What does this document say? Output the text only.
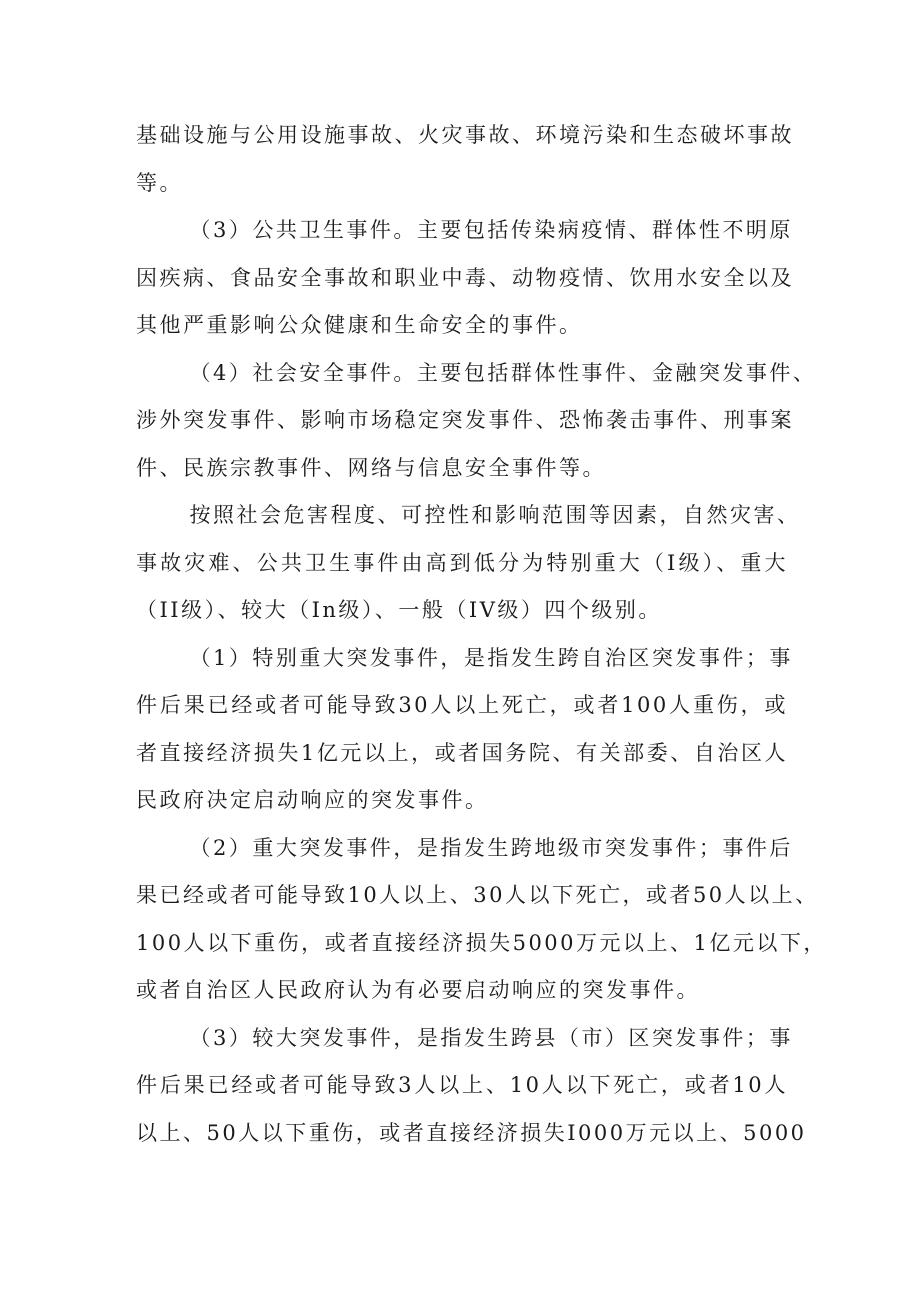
基础设施与公用设施事故、火灾事故、环境污染和生态破坏事故
等。
（3）公共卫生事件。主要包括传染病疫情、群体性不明原
因疾病、食品安全事故和职业中毒、动物疫情、饮用水安全以及
其他严重影响公众健康和生命安全的事件。
（4）社会安全事件。主要包括群体性事件、金融突发事件、
涉外突发事件、影响市场稳定突发事件、恐怖袭击事件、刑事案
件、民族宗教事件、网络与信息安全事件等。
按照社会危害程度、可控性和影响范围等因素，自然灾害、
事故灾难、公共卫生事件由高到低分为特别重大（I级）、重大
（II级）、较大（In级）、一般（IV级）四个级别。
（1）特别重大突发事件，是指发生跨自治区突发事件；事
件后果已经或者可能导致30人以上死亡，或者100人重伤，或
者直接经济损失1亿元以上，或者国务院、有关部委、自治区人
民政府决定启动响应的突发事件。
（2）重大突发事件，是指发生跨地级市突发事件；事件后
果已经或者可能导致10人以上、30人以下死亡，或者50人以上、
100人以下重伤，或者直接经济损失5000万元以上、1亿元以下，
或者自治区人民政府认为有必要启动响应的突发事件。
（3）较大突发事件，是指发生跨县（市）区突发事件；事
件后果已经或者可能导致3人以上、10人以下死亡，或者10人
以上、50人以下重伤，或者直接经济损失I000万元以上、5000
